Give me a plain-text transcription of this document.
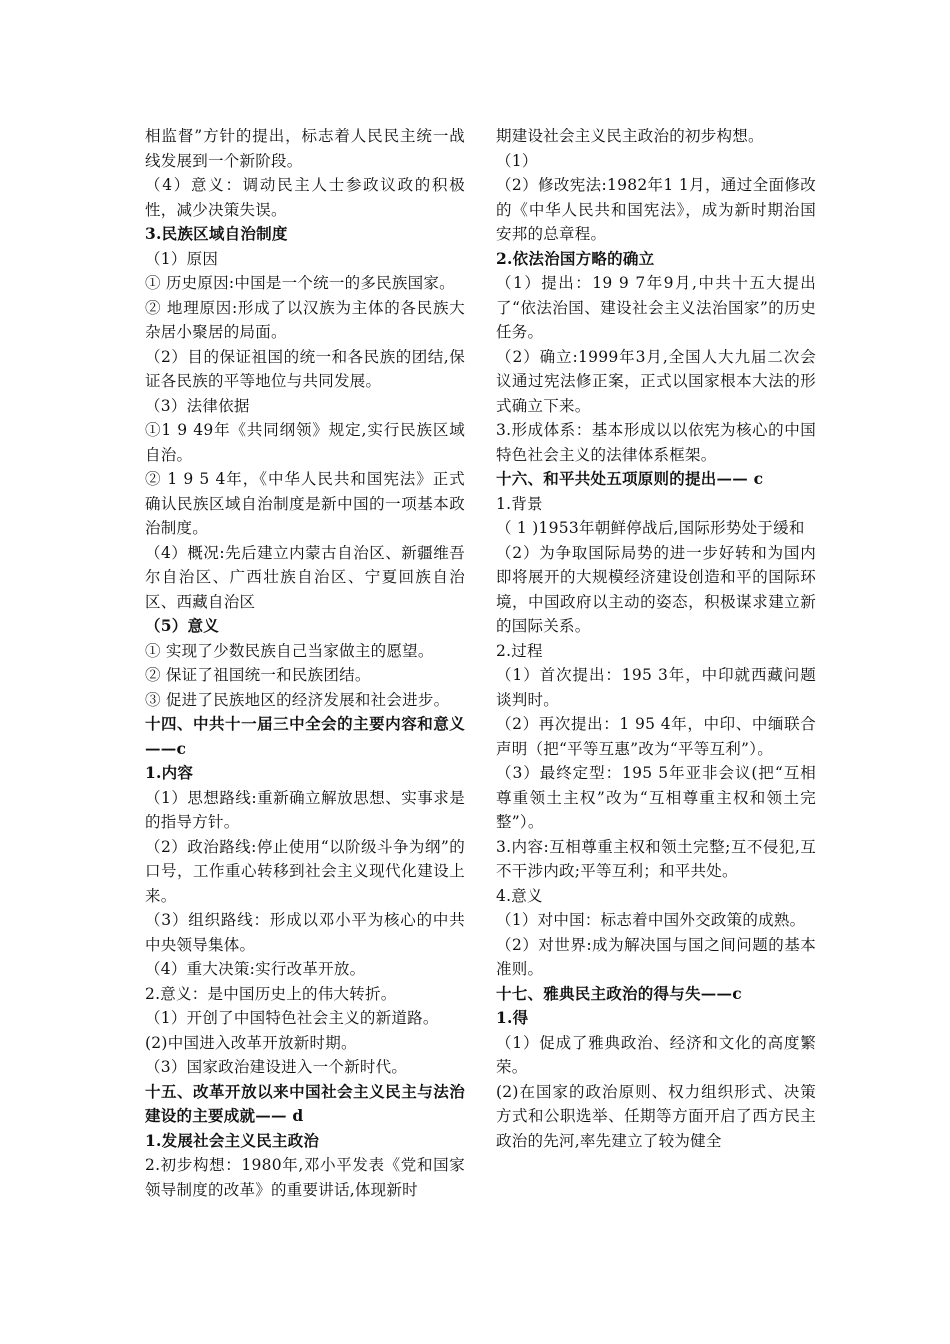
相监督”方针的提出，标志着人民民主统一战线发展到一个新阶段。

（4）意义：调动民主人士参政议政的积极性，减少决策失误。

3.民族区域自治制度

（1）原因

① 历史原因:中国是一个统一的多民族国家。

② 地理原因:形成了以汉族为主体的各民族大杂居小聚居的局面。

（2）目的保证祖国的统一和各民族的团结,保证各民族的平等地位与共同发展。

（3）法律依据

①1 9 49年《共同纲领》规定,实行民族区域自治。

② 1 9 5 4年，《中华人民共和国宪法》正式确认民族区域自治制度是新中国的一项基本政治制度。

（4）概况:先后建立内蒙古自治区、新疆维吾尔自治区、广西壮族自治区、宁夏回族自治区、西藏自治区

（5）意义

① 实现了少数民族自己当家做主的愿望。

② 保证了祖国统一和民族团结。

③ 促进了民族地区的经济发展和社会进步。

十四、中共十一届三中全会的主要内容和意义——c

1.内容

（1）思想路线:重新确立解放思想、实事求是的指导方针。

（2）政治路线:停止使用“以阶级斗争为纲”的口号，工作重心转移到社会主义现代化建设上来。

（3）组织路线：形成以邓小平为核心的中共中央领导集体。

（4）重大决策:实行改革开放。

2.意义：是中国历史上的伟大转折。

（1）开创了中国特色社会主义的新道路。

(2)中国进入改革开放新时期。

（3）国家政治建设进入一个新时代。

十五、改革开放以来中国社会主义民主与法治建设的主要成就—— d

1.发展社会主义民主政治

2.初步构想：1980年,邓小平发表《党和国家领导制度的改革》的重要讲话,体现新时

期建设社会主义民主政治的初步构想。

（1）

（2）修改宪法:1982年1 1月，通过全面修改的《中华人民共和国宪法》，成为新时期治国安邦的总章程。

2.依法治国方略的确立

（1）提出：19 9 7年9月,中共十五大提出了“依法治国、建设社会主义法治国家”的历史任务。

（2）确立:1999年3月,全国人大九届二次会议通过宪法修正案，正式以国家根本大法的形式确立下来。

3.形成体系：基本形成以以依宪为核心的中国特色社会主义的法律体系框架。

十六、和平共处五项原则的提出—— c

1.背景

（ 1 )1953年朝鲜停战后,国际形势处于缓和

（2）为争取国际局势的进一步好转和为国内即将展开的大规模经济建设创造和平的国际环境，中国政府以主动的姿态，积极谋求建立新的国际关系。

2.过程

（1）首次提出：195 3年，中印就西藏问题谈判时。

（2）再次提出：1 95 4年，中印、中缅联合声明（把“平等互惠”改为“平等互利”）。

（3）最终定型：195 5年亚非会议(把“互相尊重领土主权”改为“互相尊重主权和领土完整”）。

3.内容:互相尊重主权和领土完整;互不侵犯,互不干涉内政;平等互利；和平共处。

4.意义

（1）对中国：标志着中国外交政策的成熟。

（2）对世界:成为解决国与国之间问题的基本准则。

十七、雅典民主政治的得与失——c

1.得

（1）促成了雅典政治、经济和文化的高度繁荣。

(2)在国家的政治原则、权力组织形式、决策方式和公职选举、任期等方面开启了西方民主政治的先河,率先建立了较为健全
